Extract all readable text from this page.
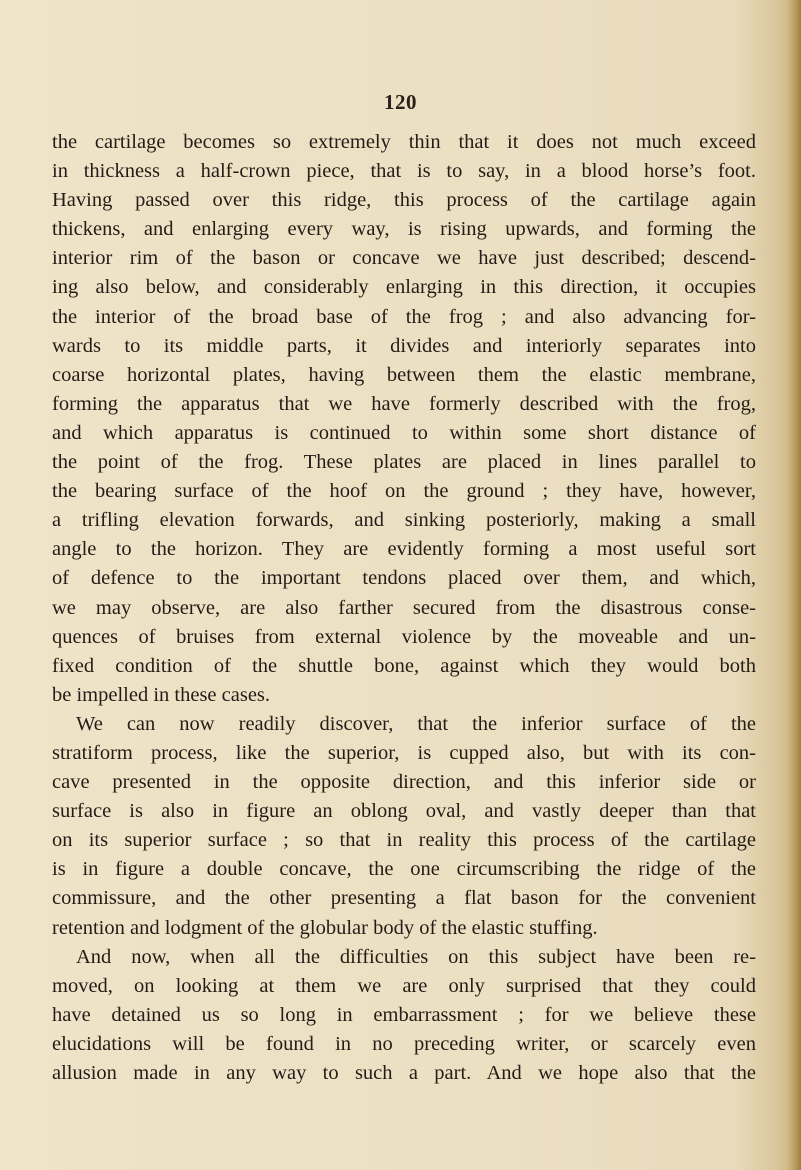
120
the cartilage becomes so extremely thin that it does not much exceed
in thickness a half-crown piece, that is to say, in a blood horse’s foot.
Having passed over this ridge, this process of the cartilage again
thickens, and enlarging every way, is rising upwards, and forming the
interior rim of the bason or concave we have just described; descend-
ing also below, and considerably enlarging in this direction, it occupies
the interior of the broad base of the frog ; and also advancing for-
wards to its middle parts, it divides and interiorly separates into
coarse horizontal plates, having between them the elastic membrane,
forming the apparatus that we have formerly described with the frog,
and which apparatus is continued to within some short distance of
the point of the frog. These plates are placed in lines parallel to
the bearing surface of the hoof on the ground ; they have, however,
a trifling elevation forwards, and sinking posteriorly, making a small
angle to the horizon. They are evidently forming a most useful sort
of defence to the important tendons placed over them, and which,
we may observe, are also farther secured from the disastrous conse-
quences of bruises from external violence by the moveable and un-
fixed condition of the shuttle bone, against which they would both
be impelled in these cases.
We can now readily discover, that the inferior surface of the
stratiform process, like the superior, is cupped also, but with its con-
cave presented in the opposite direction, and this inferior side or
surface is also in figure an oblong oval, and vastly deeper than that
on its superior surface ; so that in reality this process of the cartilage
is in figure a double concave, the one circumscribing the ridge of the
commissure, and the other presenting a flat bason for the convenient
retention and lodgment of the globular body of the elastic stuffing.
And now, when all the difficulties on this subject have been re-
moved, on looking at them we are only surprised that they could
have detained us so long in embarrassment ; for we believe these
elucidations will be found in no preceding writer, or scarcely even
allusion made in any way to such a part. And we hope also that the
